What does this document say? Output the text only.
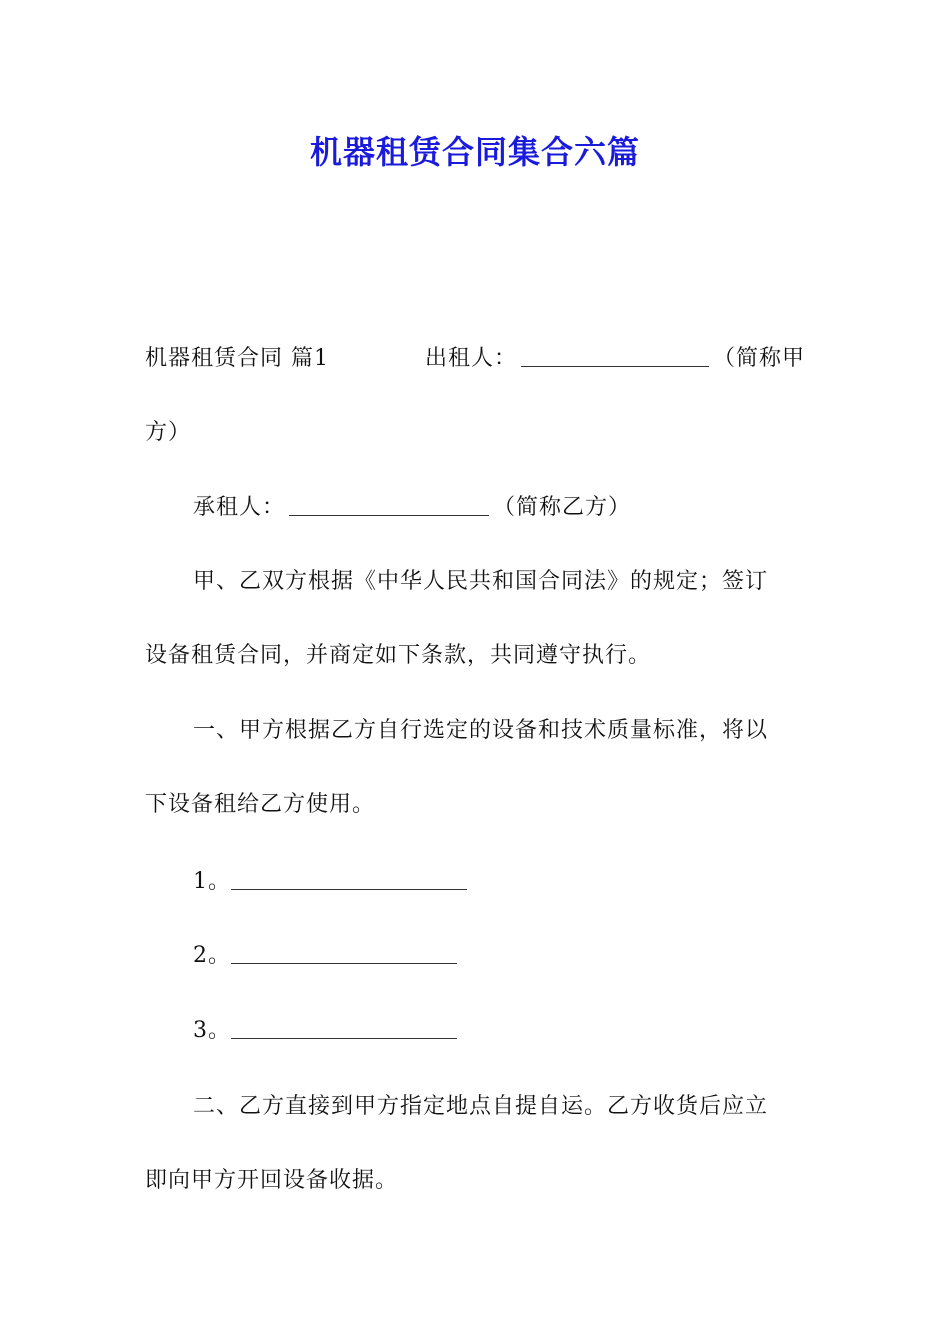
机器租赁合同集合六篇
机器租赁合同 篇1	出租人：	（简称甲
方）
承租人：	（简称乙方）
甲、乙双方根据《中华人民共和国合同法》的规定；签订
设备租赁合同，并商定如下条款，共同遵守执行。
一、甲方根据乙方自行选定的设备和技术质量标准，将以
下设备租给乙方使用。
1。
2。
3。
二、乙方直接到甲方指定地点自提自运。乙方收货后应立
即向甲方开回设备收据。
